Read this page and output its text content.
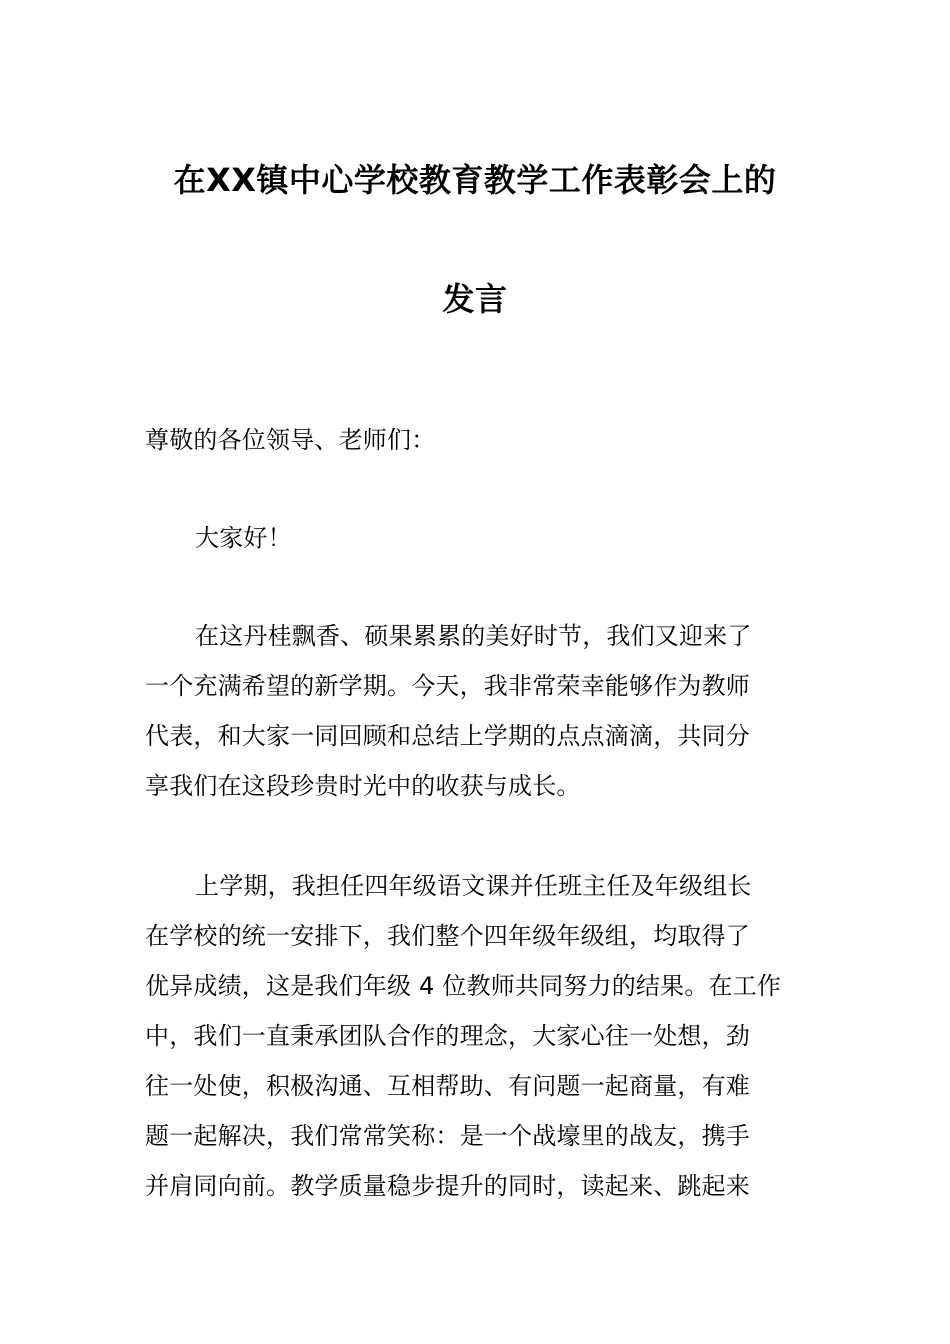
在XX镇中心学校教育教学工作表彰会上的
发言
尊敬的各位领导、老师们：
大家好！
在这丹桂飘香、硕果累累的美好时节，我们又迎来了
一个充满希望的新学期。今天，我非常荣幸能够作为教师
代表，和大家一同回顾和总结上学期的点点滴滴，共同分
享我们在这段珍贵时光中的收获与成长。
上学期，我担任四年级语文课并任班主任及年级组长
在学校的统一安排下，我们整个四年级年级组，均取得了
优异成绩，这是我们年级 4 位教师共同努力的结果。在工作
中，我们一直秉承团队合作的理念，大家心往一处想，劲
往一处使，积极沟通、互相帮助、有问题一起商量，有难
题一起解决，我们常常笑称：是一个战壕里的战友，携手
并肩同向前。教学质量稳步提升的同时，读起来、跳起来
